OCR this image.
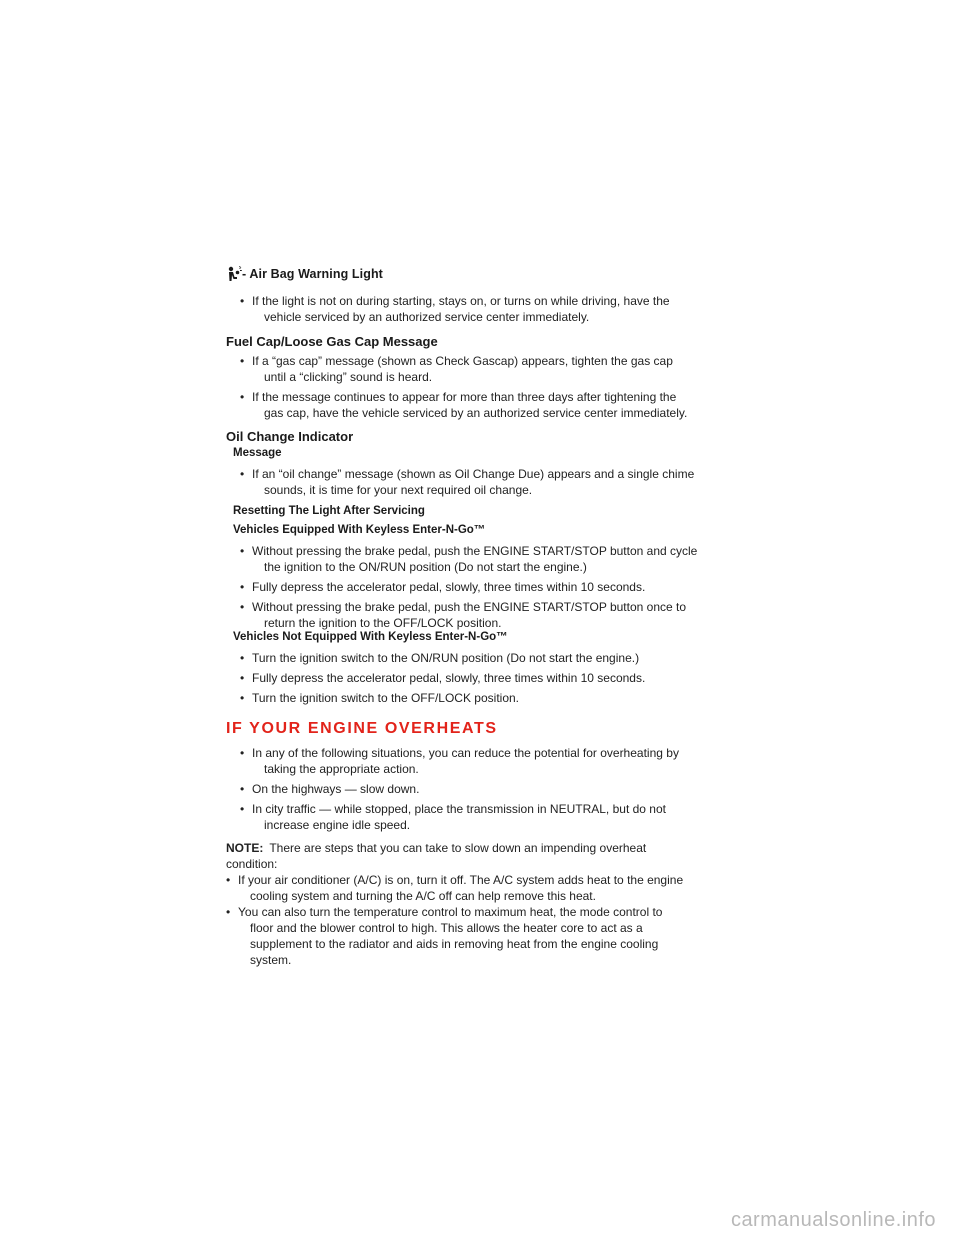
- Air Bag Warning Light
• If the light is not on during starting, stays on, or turns on while driving, have the
vehicle serviced by an authorized service center immediately.
Fuel Cap/Loose Gas Cap Message
• If a “gas cap” message (shown as Check Gascap) appears, tighten the gas cap
until a “clicking” sound is heard.
• If the message continues to appear for more than three days after tightening the
gas cap, have the vehicle serviced by an authorized service center immediately.
Oil Change Indicator
Message
• If an “oil change” message (shown as Oil Change Due) appears and a single chime
sounds, it is time for your next required oil change.
Resetting The Light After Servicing
Vehicles Equipped With Keyless Enter-N-Go™
• Without pressing the brake pedal, push the ENGINE START/STOP button and cycle
the ignition to the ON/RUN position (Do not start the engine.)
• Fully depress the accelerator pedal, slowly, three times within 10 seconds.
• Without pressing the brake pedal, push the ENGINE START/STOP button once to
return the ignition to the OFF/LOCK position.
Vehicles Not Equipped With Keyless Enter-N-Go™
• Turn the ignition switch to the ON/RUN position (Do not start the engine.)
• Fully depress the accelerator pedal, slowly, three times within 10 seconds.
• Turn the ignition switch to the OFF/LOCK position.
IF YOUR ENGINE OVERHEATS
• In any of the following situations, you can reduce the potential for overheating by
taking the appropriate action.
• On the highways — slow down.
• In city traffic — while stopped, place the transmission in NEUTRAL, but do not
increase engine idle speed.
NOTE: There are steps that you can take to slow down an impending overheat
condition:
• If your air conditioner (A/C) is on, turn it off. The A/C system adds heat to the engine
cooling system and turning the A/C off can help remove this heat.
• You can also turn the temperature control to maximum heat, the mode control to
floor and the blower control to high. This allows the heater core to act as a
supplement to the radiator and aids in removing heat from the engine cooling
system.
carmanualsonline.info
